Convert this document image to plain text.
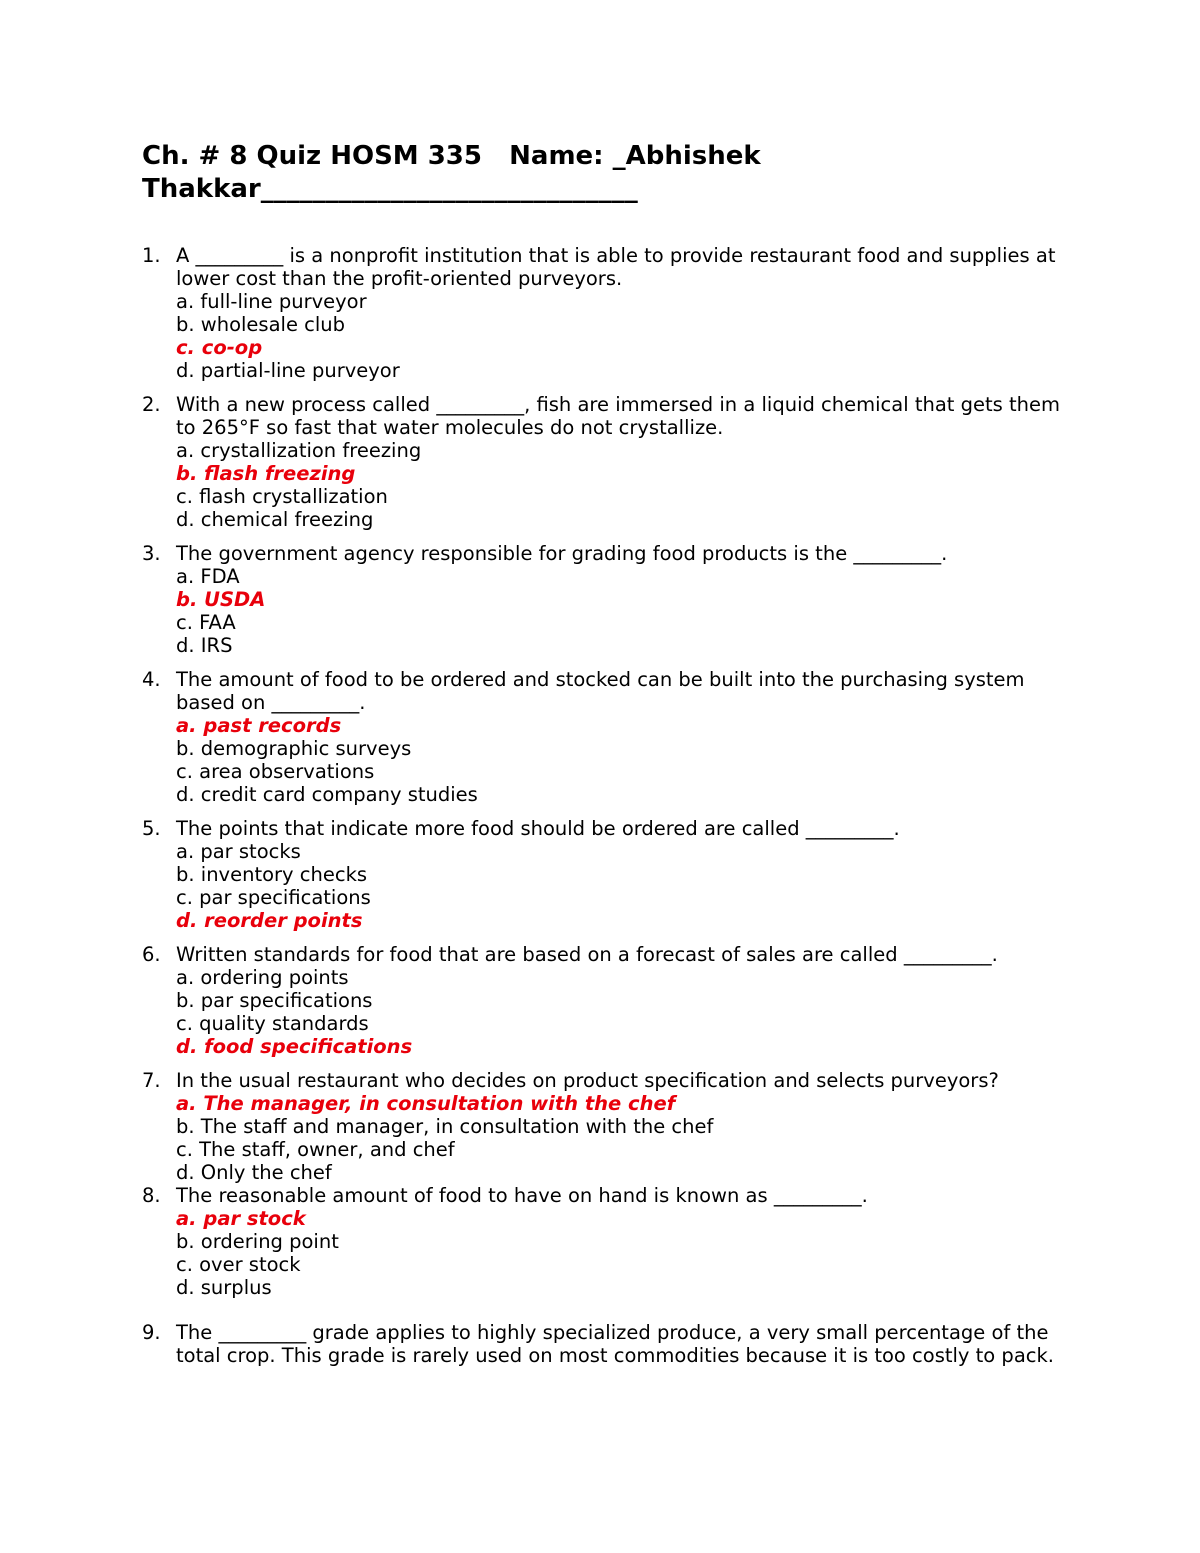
Ch. # 8 Quiz HOSM 335   Name: _Abhishek Thakkar_____________________________
1. A _________ is a nonprofit institution that is able to provide restaurant food and supplies at lower cost than the profit-oriented purveyors.
a. full-line purveyor
b. wholesale club
c. co-op
d. partial-line purveyor
2. With a new process called _________, fish are immersed in a liquid chemical that gets them to 265°F so fast that water molecules do not crystallize.
a. crystallization freezing
b. flash freezing
c. flash crystallization
d. chemical freezing
3. The government agency responsible for grading food products is the _________.
a. FDA
b. USDA
c. FAA
d. IRS
4. The amount of food to be ordered and stocked can be built into the purchasing system based on _________.
a. past records
b. demographic surveys
c. area observations
d. credit card company studies
5. The points that indicate more food should be ordered are called _________.
a. par stocks
b. inventory checks
c. par specifications
d. reorder points
6. Written standards for food that are based on a forecast of sales are called _________.
a. ordering points
b. par specifications
c. quality standards
d. food specifications
7. In the usual restaurant who decides on product specification and selects purveyors?
a. The manager, in consultation with the chef
b. The staff and manager, in consultation with the chef
c. The staff, owner, and chef
d. Only the chef
8. The reasonable amount of food to have on hand is known as _________.
a. par stock
b. ordering point
c. over stock
d. surplus
9. The _________ grade applies to highly specialized produce, a very small percentage of the total crop. This grade is rarely used on most commodities because it is too costly to pack.
